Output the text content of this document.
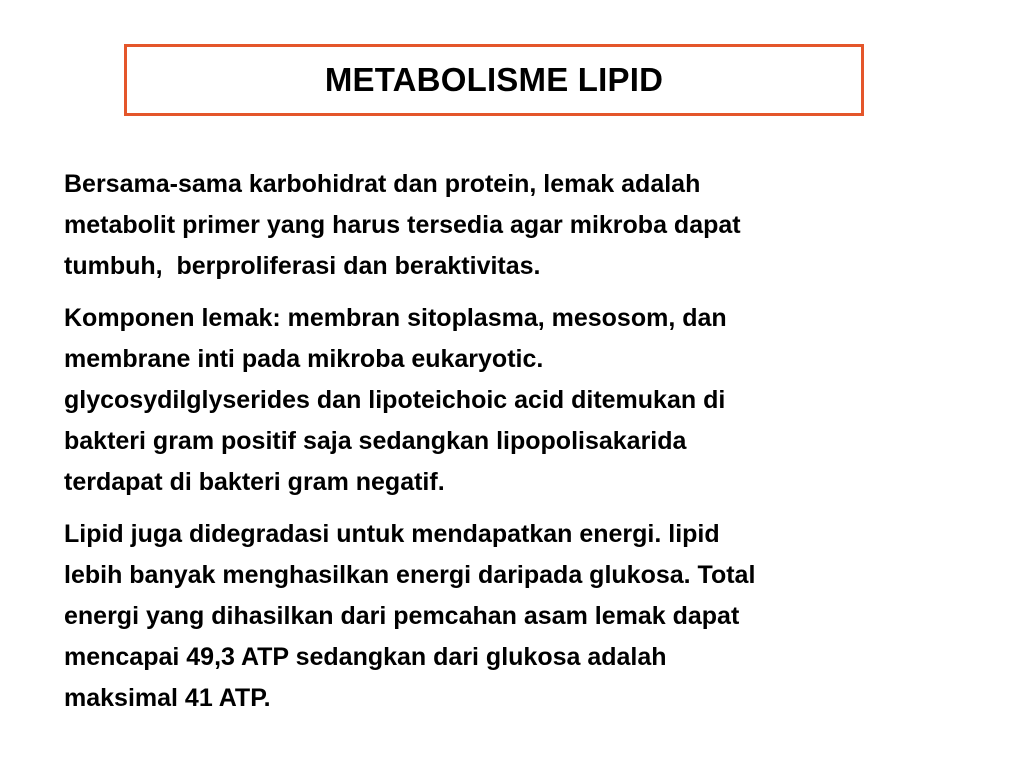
METABOLISME LIPID

Bersama-sama karbohidrat dan protein, lemak adalah
metabolit primer yang harus tersedia agar mikroba dapat
tumbuh,  berproliferasi dan beraktivitas.

Komponen lemak: membran sitoplasma, mesosom, dan
membrane inti pada mikroba eukaryotic.
glycosydilglyserides dan lipoteichoic acid ditemukan di
bakteri gram positif saja sedangkan lipopolisakarida
terdapat di bakteri gram negatif.

Lipid juga didegradasi untuk mendapatkan energi. lipid
lebih banyak menghasilkan energi daripada glukosa. Total
energi yang dihasilkan dari pemcahan asam lemak dapat
mencapai 49,3 ATP sedangkan dari glukosa adalah
maksimal 41 ATP.
